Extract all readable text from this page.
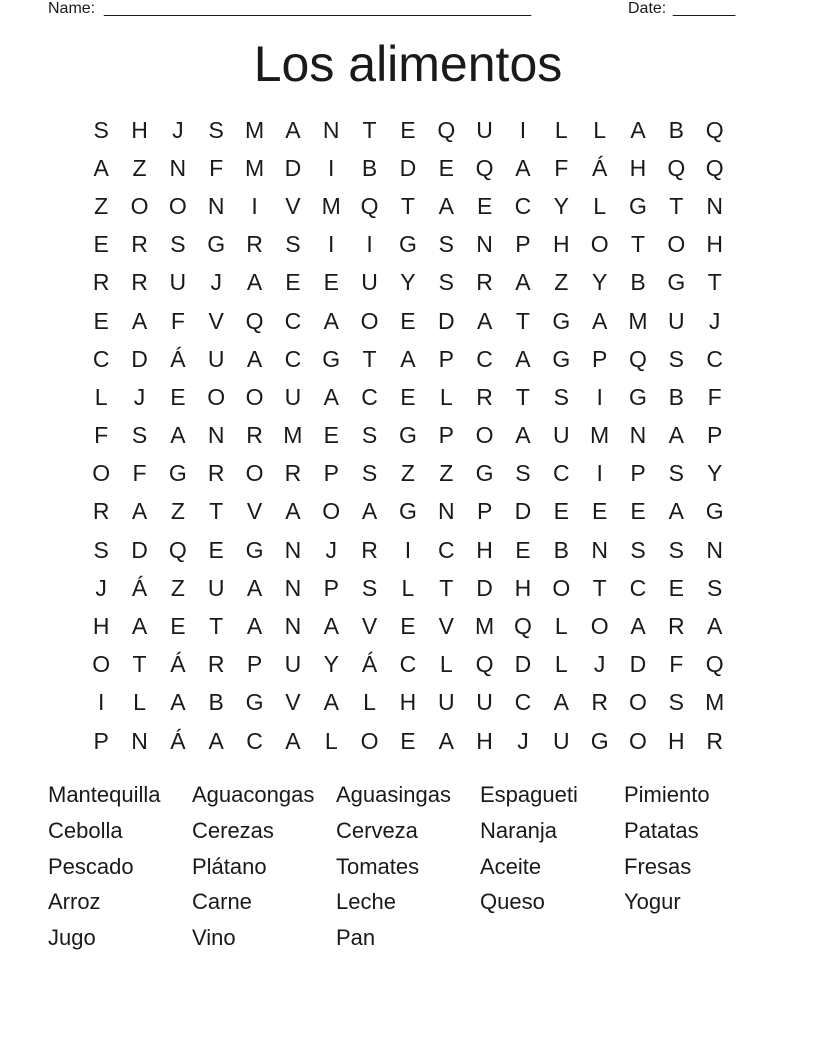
Name: ________________________________________________	Date: _______
Los alimentos
S H	J	S M A N	T	E Q U	I	L	L	A	B Q
A	Z	N	F M D	I	B D E Q A	F	Á H Q Q
Z O O N	I	V M Q T	A	E C Y	L	G T	N
E R S G R S	I	I	G S N P H O T O H
R R U	J	A	E	E U Y	S R A	Z	Y	B G T
E	A	F	V Q C A O E D A	T G A M U	J
C D Á U A C G T	A	P C A G P Q S C
L	J	E O O U A C E	L	R	T	S	I	G B	F
F	S	A N R M E	S G P O A U M N A	P
O F G R O R P	S	Z	Z G S C	I	P	S	Y
R A	Z	T	V	A O A G N P D E	E	E	A G
S D Q E G N	J	R	I	C H E	B N S	S N
J	Á	Z	U A N P	S	L	T	D H O T	C E	S
H A	E	T	A N A	V	E	V M Q	L	O A R A
O T	Á R P U Y	Á C	L	Q D	L	J	D	F Q
I	L	A	B G V	A	L	H U U C A R O S M
P N Á	A C A	L	O E	A H	J	U G O H R
Mantequilla	Aguacongas Aguasingas	Espagueti	Pimiento
Cebolla	Cerezas	Cerveza	Naranja	Patatas
Pescado	Plátano	Tomates	Aceite	Fresas
Arroz	Carne	Leche	Queso	Yogur
Jugo	Vino	Pan
